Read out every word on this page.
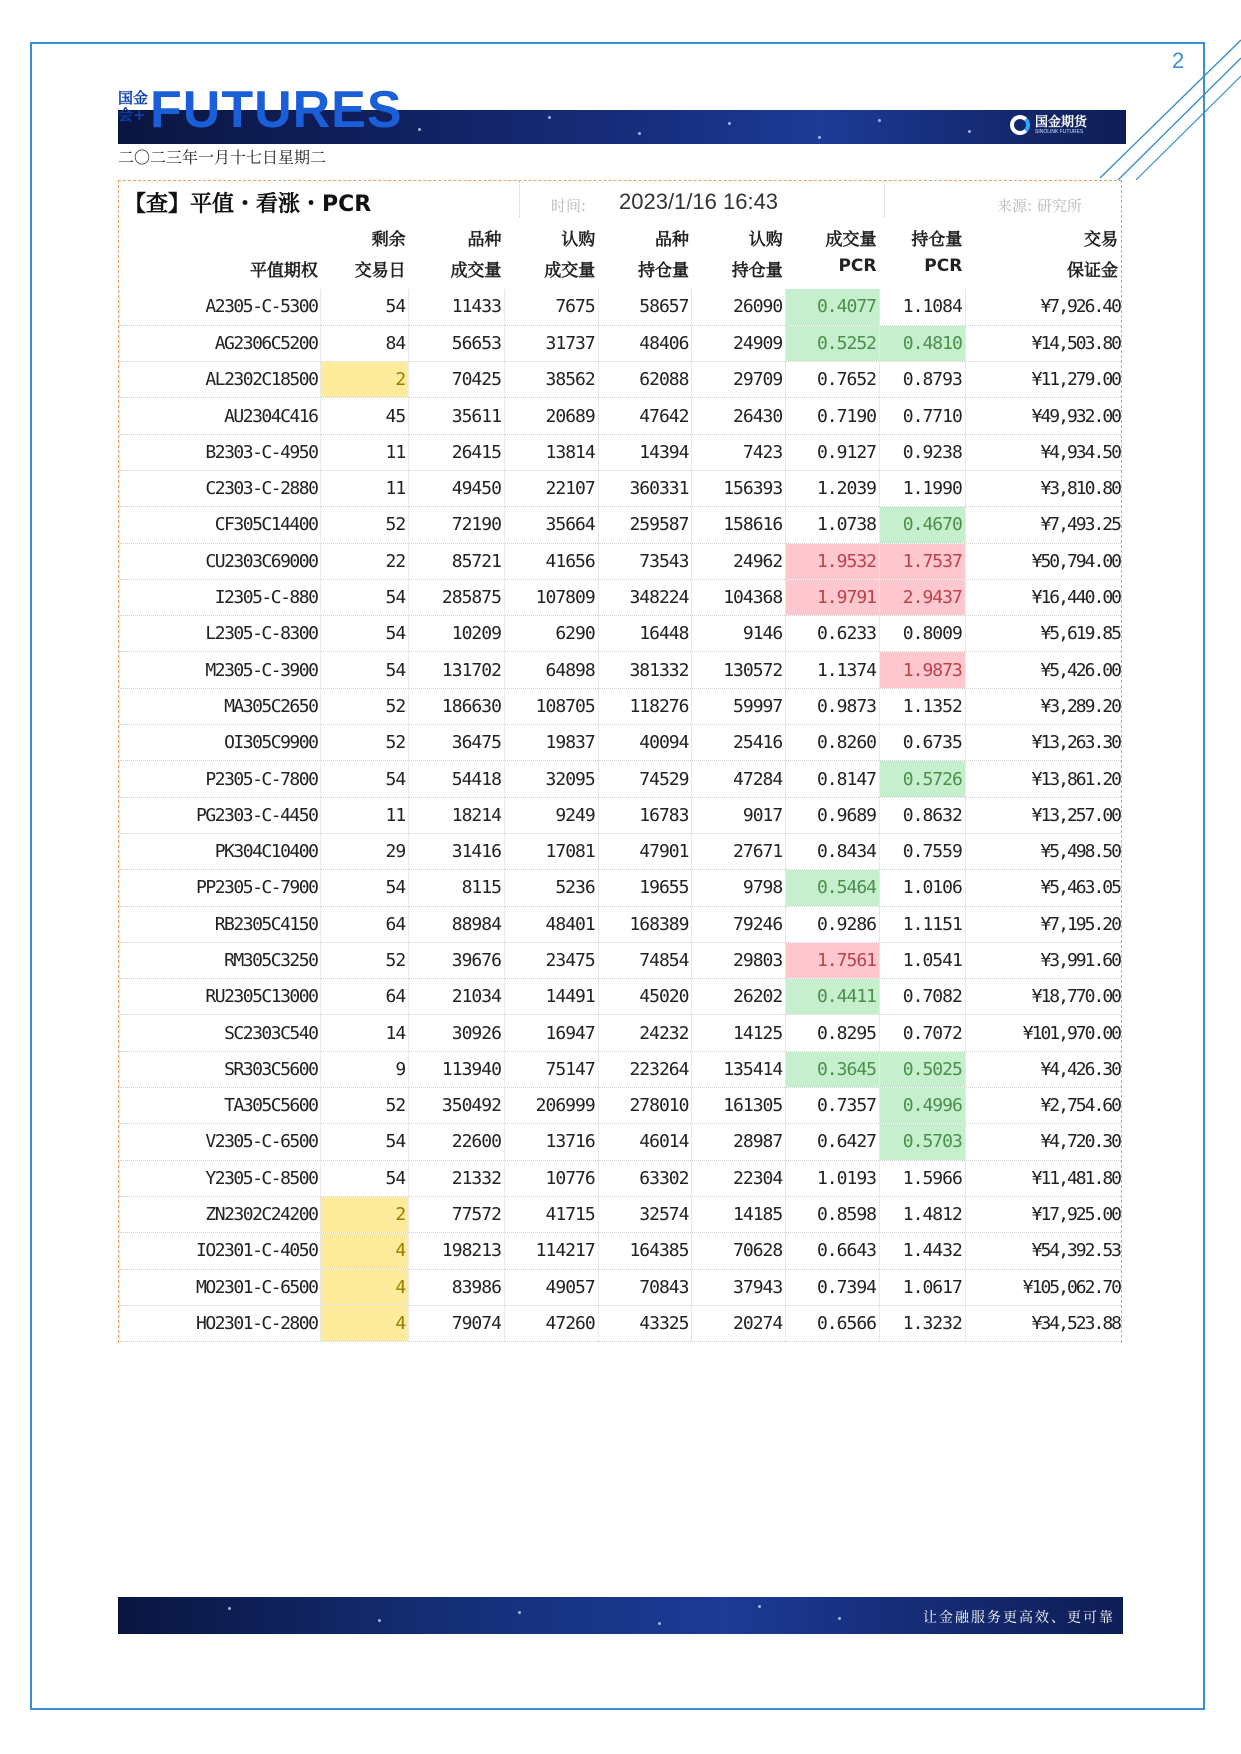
2
国金会+ FUTURES	国金期货
SINOLINK FUTURES
二〇二三年一月十七日星期二
【查】平值・看涨・PCR	时间: 2023/1/16 16:43	来源: 研究所
	剩余	品种	认购	品种	认购	成交量	持仓量	交易
平值期权	交易日	成交量	成交量	持仓量	持仓量	PCR	PCR	保证金
A2305-C-5300	54	11433	7675	58657	26090	0.4077	1.1084	¥7,926.40
AG2306C5200	84	56653	31737	48406	24909	0.5252	0.4810	¥14,503.80
AL2302C18500	2	70425	38562	62088	29709	0.7652	0.8793	¥11,279.00
AU2304C416	45	35611	20689	47642	26430	0.7190	0.7710	¥49,932.00
B2303-C-4950	11	26415	13814	14394	7423	0.9127	0.9238	¥4,934.50
C2303-C-2880	11	49450	22107	360331	156393	1.2039	1.1990	¥3,810.80
CF305C14400	52	72190	35664	259587	158616	1.0738	0.4670	¥7,493.25
CU2303C69000	22	85721	41656	73543	24962	1.9532	1.7537	¥50,794.00
I2305-C-880	54	285875	107809	348224	104368	1.9791	2.9437	¥16,440.00
L2305-C-8300	54	10209	6290	16448	9146	0.6233	0.8009	¥5,619.85
M2305-C-3900	54	131702	64898	381332	130572	1.1374	1.9873	¥5,426.00
MA305C2650	52	186630	108705	118276	59997	0.9873	1.1352	¥3,289.20
OI305C9900	52	36475	19837	40094	25416	0.8260	0.6735	¥13,263.30
P2305-C-7800	54	54418	32095	74529	47284	0.8147	0.5726	¥13,861.20
PG2303-C-4450	11	18214	9249	16783	9017	0.9689	0.8632	¥13,257.00
PK304C10400	29	31416	17081	47901	27671	0.8434	0.7559	¥5,498.50
PP2305-C-7900	54	8115	5236	19655	9798	0.5464	1.0106	¥5,463.05
RB2305C4150	64	88984	48401	168389	79246	0.9286	1.1151	¥7,195.20
RM305C3250	52	39676	23475	74854	29803	1.7561	1.0541	¥3,991.60
RU2305C13000	64	21034	14491	45020	26202	0.4411	0.7082	¥18,770.00
SC2303C540	14	30926	16947	24232	14125	0.8295	0.7072	¥101,970.00
SR303C5600	9	113940	75147	223264	135414	0.3645	0.5025	¥4,426.30
TA305C5600	52	350492	206999	278010	161305	0.7357	0.4996	¥2,754.60
V2305-C-6500	54	22600	13716	46014	28987	0.6427	0.5703	¥4,720.30
Y2305-C-8500	54	21332	10776	63302	22304	1.0193	1.5966	¥11,481.80
ZN2302C24200	2	77572	41715	32574	14185	0.8598	1.4812	¥17,925.00
IO2301-C-4050	4	198213	114217	164385	70628	0.6643	1.4432	¥54,392.53
MO2301-C-6500	4	83986	49057	70843	37943	0.7394	1.0617	¥105,062.70
HO2301-C-2800	4	79074	47260	43325	20274	0.6566	1.3232	¥34,523.88
让金融服务更高效、更可靠
